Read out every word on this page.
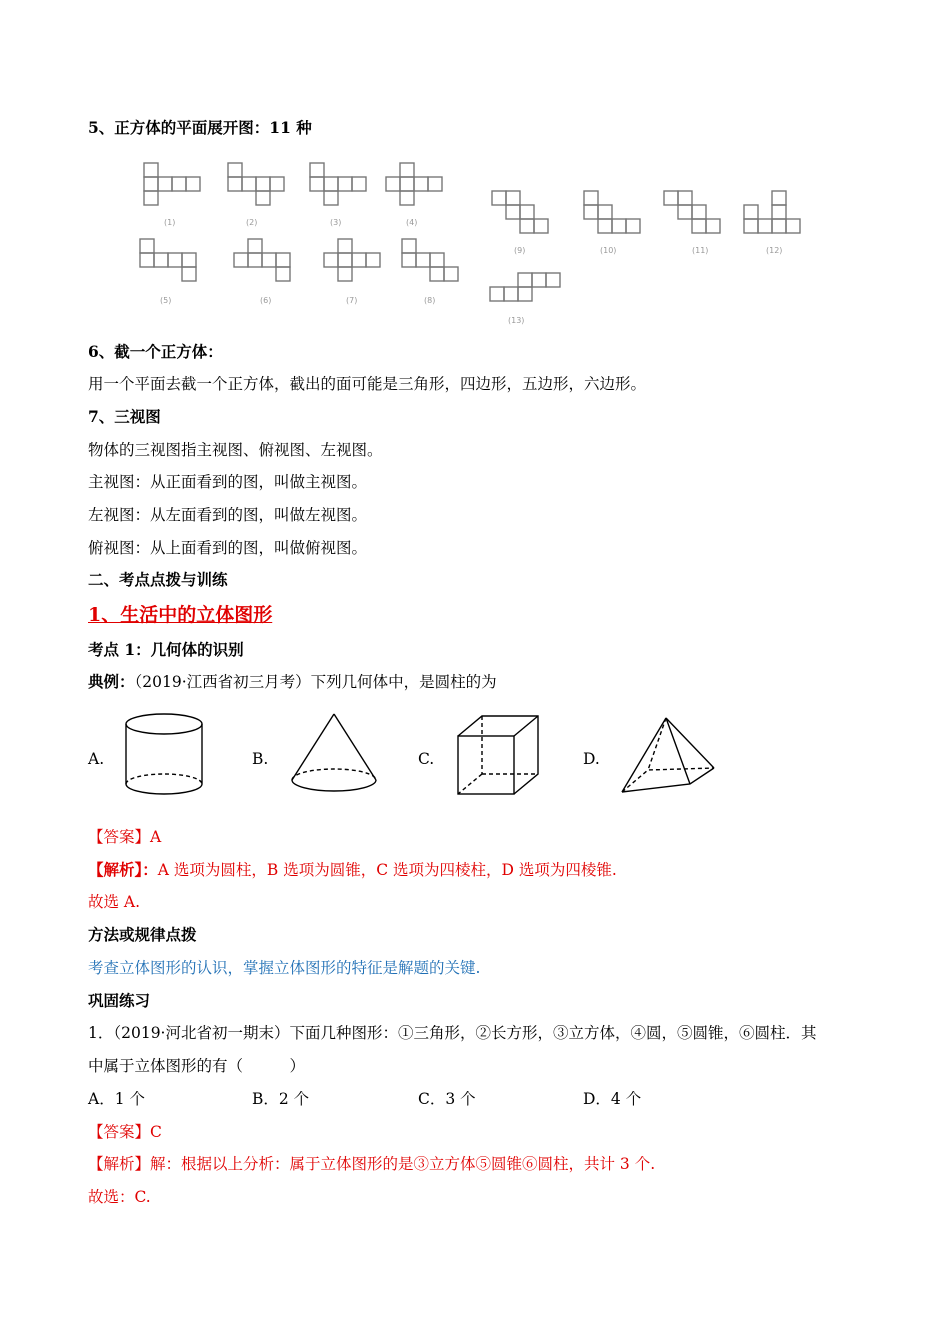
5、正方体的平面展开图：11 种
(1)	(2)	(3)	(4)
(5)	(6)	(7)	(8)
(9)	(10)	(11)	(12)
(13)
6、截一个正方体：
用一个平面去截一个正方体，截出的面可能是三角形，四边形，五边形，六边形。
7、三视图
物体的三视图指主视图、俯视图、左视图。
主视图：从正面看到的图，叫做主视图。
左视图：从左面看到的图，叫做左视图。
俯视图：从上面看到的图，叫做俯视图。
二、考点点拨与训练
1、生活中的立体图形
考点 1：几何体的识别
典例：（2019·江西省初三月考）下列几何体中，是圆柱的为
A.	B.	C.	D.
【答案】A
【解析】：A 选项为圆柱，B 选项为圆锥，C 选项为四棱柱，D 选项为四棱锥.
故选 A.
方法或规律点拨
考查立体图形的认识，掌握立体图形的特征是解题的关键.
巩固练习
1．（2019·河北省初一期末）下面几种图形：①三角形，②长方形，③立方体，④圆，⑤圆锥，⑥圆柱．其
中属于立体图形的有（　　　）
A．1 个	B．2 个	C．3 个	D．4 个
【答案】C
【解析】解：根据以上分析：属于立体图形的是③立方体⑤圆锥⑥圆柱，共计 3 个.
故选：C.
